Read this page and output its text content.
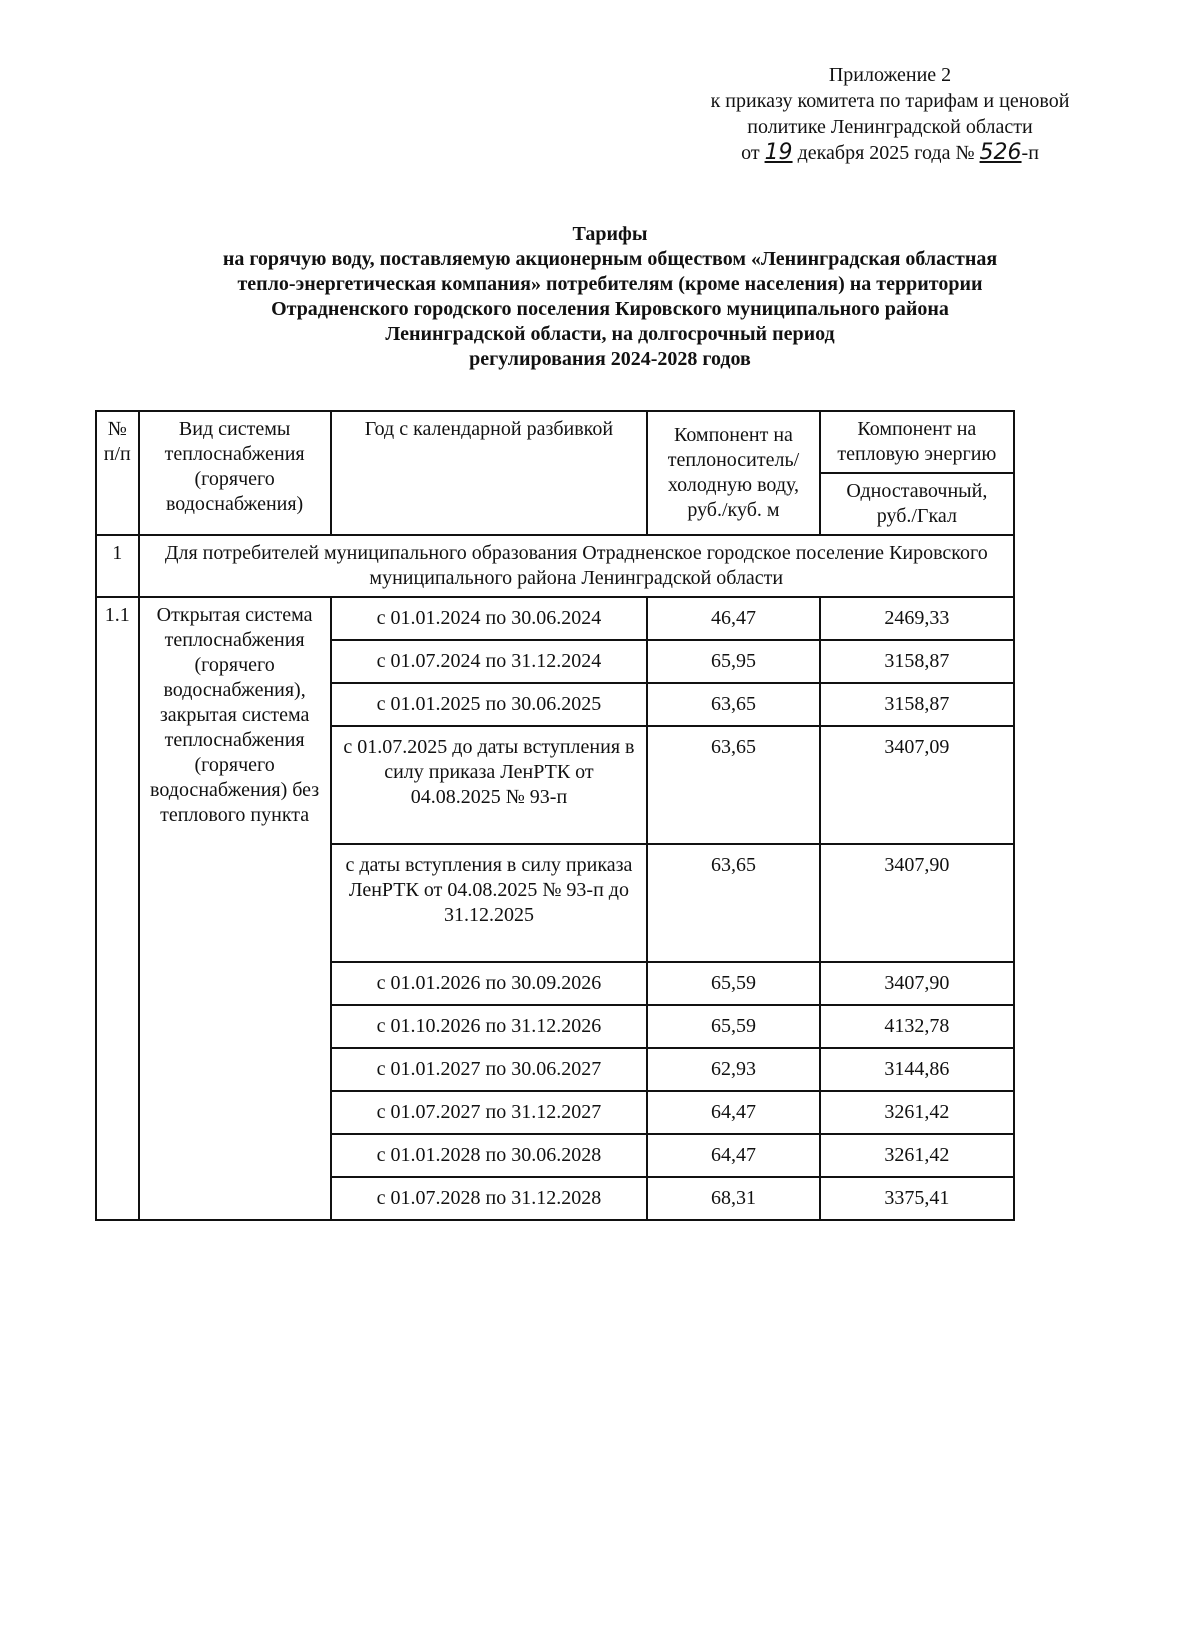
Приложение 2
к приказу комитета по тарифам и ценовой
политике Ленинградской области
от 19 декабря 2025 года № 526-п
Тарифы
на горячую воду, поставляемую акционерным обществом «Ленинградская областная
тепло-энергетическая компания» потребителям (кроме населения) на территории
Отрадненского городского поселения Кировского муниципального района
Ленинградской области, на долгосрочный период
регулирования 2024-2028 годов
№ п/п	Вид системы теплоснабжения (горячего водоснабжения)	Год с календарной разбивкой	Компонент на теплоноситель/ холодную воду, руб./куб. м	Компонент на тепловую энергию
				Одноставочный, руб./Гкал
1	Для потребителей муниципального образования Отрадненское городское поселение Кировского муниципального района Ленинградской области			
1.1	Открытая система теплоснабжения (горячего водоснабжения), закрытая система теплоснабжения (горячего водоснабжения) без теплового пункта	с 01.01.2024 по 30.06.2024	46,47	2469,33
		с 01.07.2024 по 31.12.2024	65,95	3158,87
		с 01.01.2025 по 30.06.2025	63,65	3158,87
		с 01.07.2025 до даты вступления в силу приказа ЛенРТК от 04.08.2025 № 93-п	63,65	3407,09
		с даты вступления в силу приказа ЛенРТК от 04.08.2025 № 93-п до 31.12.2025	63,65	3407,90
		с 01.01.2026 по 30.09.2026	65,59	3407,90
		с 01.10.2026 по 31.12.2026	65,59	4132,78
		с 01.01.2027 по 30.06.2027	62,93	3144,86
		с 01.07.2027 по 31.12.2027	64,47	3261,42
		с 01.01.2028 по 30.06.2028	64,47	3261,42
		с 01.07.2028 по 31.12.2028	68,31	3375,41
